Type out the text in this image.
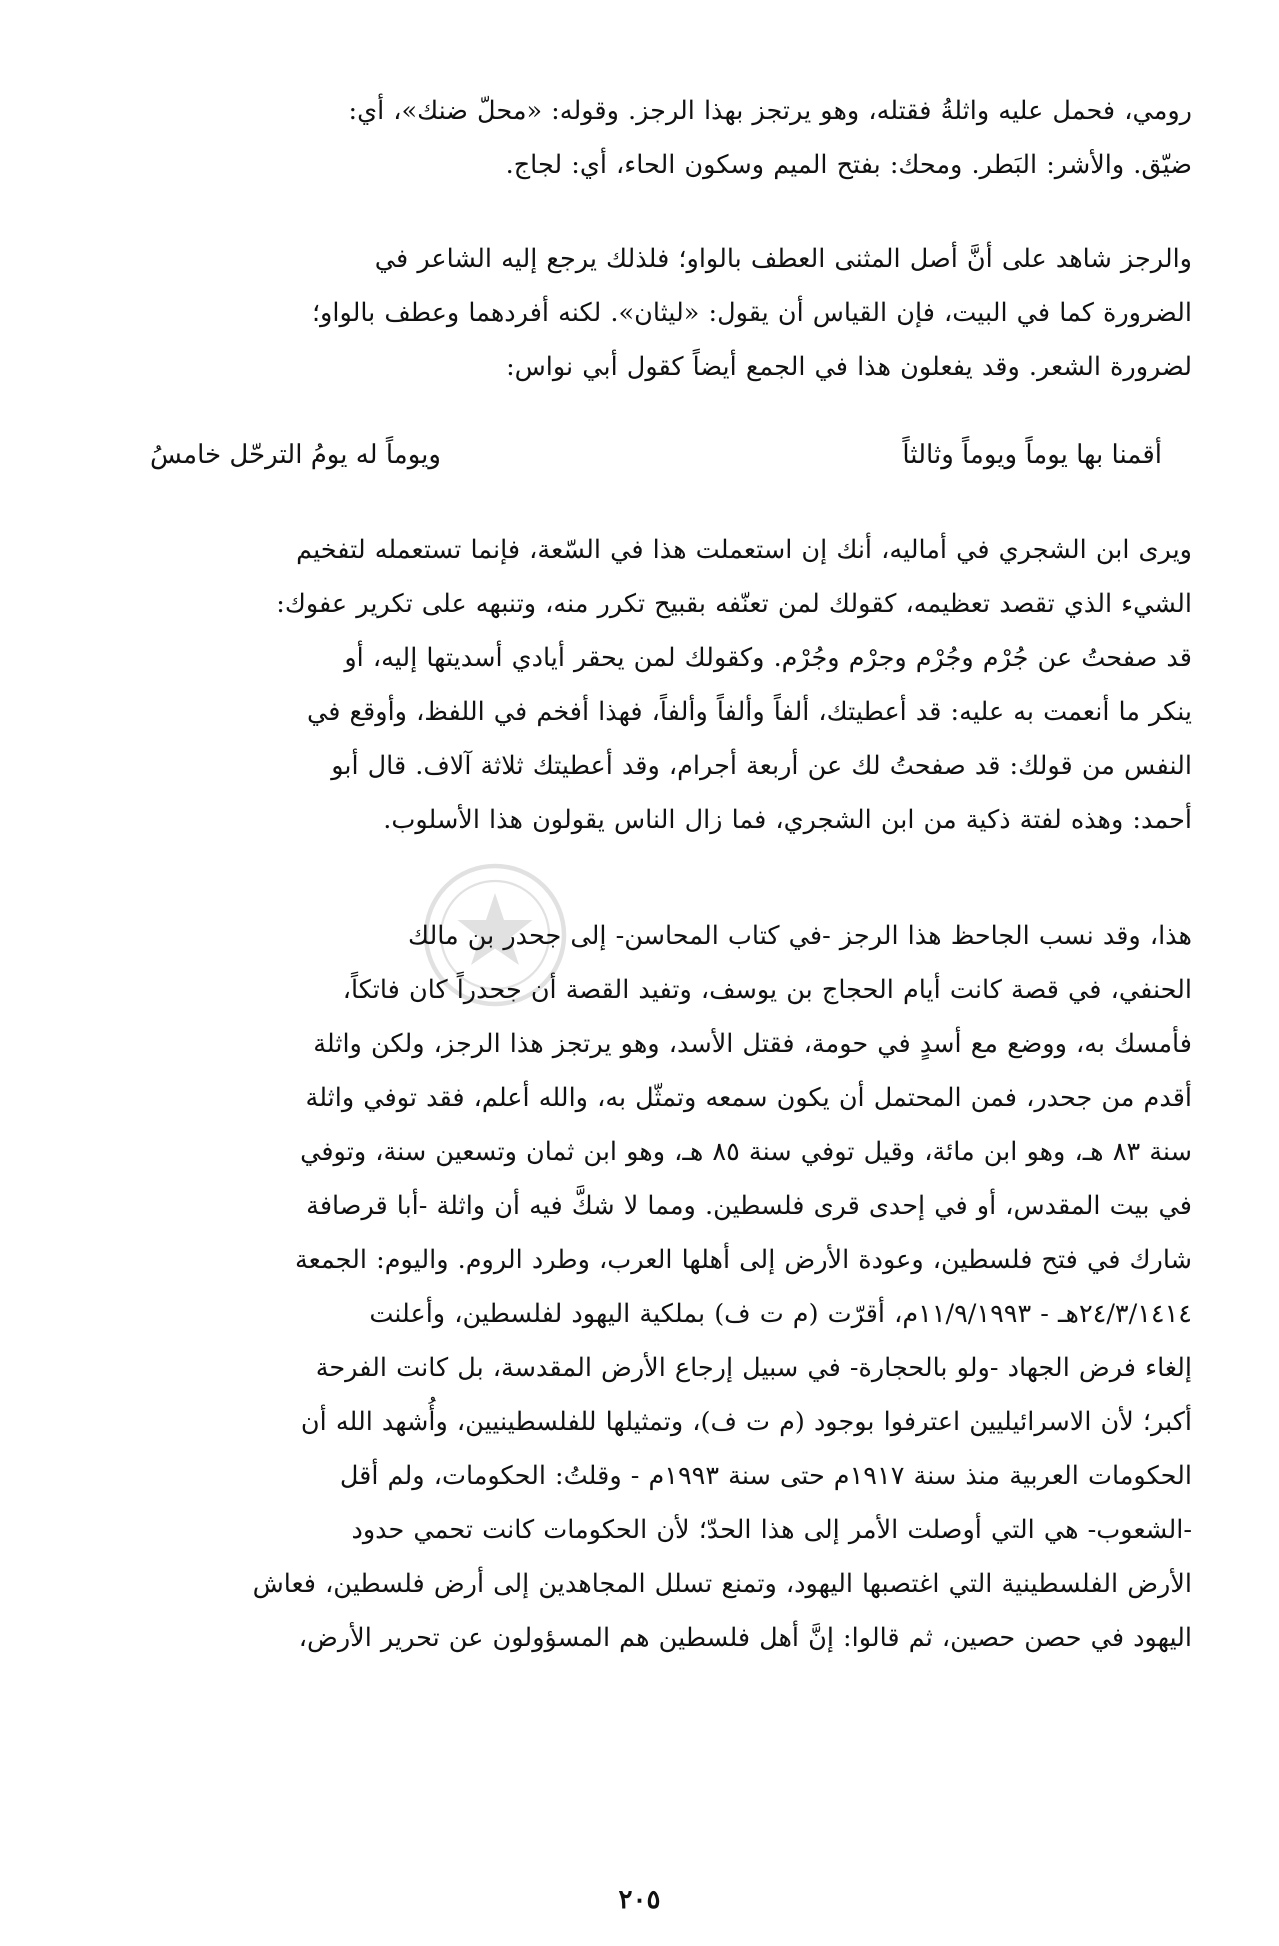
رومي، فحمل عليه واثلةُ فقتله، وهو يرتجز بهذا الرجز. وقوله: «محلّ ضنك»، أي:
ضيّق. والأشر: البَطر. ومحك: بفتح الميم وسكون الحاء، أي: لجاج.
والرجز شاهد على أنَّ أصل المثنى العطف بالواو؛ فلذلك يرجع إليه الشاعر في
الضرورة كما في البيت، فإن القياس أن يقول: «ليثان». لكنه أفردهما وعطف بالواو؛
لضرورة الشعر. وقد يفعلون هذا في الجمع أيضاً كقول أبي نواس:
أقمنا بها يوماً ويوماً وثالثاً
ويوماً له يومُ الترحّل خامسُ
ويرى ابن الشجري في أماليه، أنك إن استعملت هذا في السّعة، فإنما تستعمله لتفخيم
الشيء الذي تقصد تعظيمه، كقولك لمن تعنّفه بقبيح تكرر منه، وتنبهه على تكرير عفوك:
قد صفحتُ عن جُرْم وجُرْم وجرْم وجُرْم. وكقولك لمن يحقر أيادي أسديتها إليه، أو
ينكر ما أنعمت به عليه: قد أعطيتك، ألفاً وألفاً وألفاً، فهذا أفخم في اللفظ، وأوقع في
النفس من قولك: قد صفحتُ لك عن أربعة أجرام، وقد أعطيتك ثلاثة آلاف. قال أبو
أحمد: وهذه لفتة ذكية من ابن الشجري، فما زال الناس يقولون هذا الأسلوب.
هذا، وقد نسب الجاحظ هذا الرجز -في كتاب المحاسن- إلى جحدر بن مالك
الحنفي، في قصة كانت أيام الحجاج بن يوسف، وتفيد القصة أن جحدراً كان فاتكاً،
فأمسك به، ووضع مع أسدٍ في حومة، فقتل الأسد، وهو يرتجز هذا الرجز، ولكن واثلة
أقدم من جحدر، فمن المحتمل أن يكون سمعه وتمثّل به، والله أعلم، فقد توفي واثلة
سنة ٨٣ هـ، وهو ابن مائة، وقيل توفي سنة ٨٥ هـ، وهو ابن ثمان وتسعين سنة، وتوفي
في بيت المقدس، أو في إحدى قرى فلسطين. ومما لا شكَّ فيه أن واثلة -أبا قرصافة
شارك في فتح فلسطين، وعودة الأرض إلى أهلها العرب، وطرد الروم. واليوم: الجمعة
٢٤/٣/١٤١٤هـ - ١١/٩/١٩٩٣م، أقرّت (م ت ف) بملكية اليهود لفلسطين، وأعلنت
إلغاء فرض الجهاد -ولو بالحجارة- في سبيل إرجاع الأرض المقدسة، بل كانت الفرحة
أكبر؛ لأن الاسرائيليين اعترفوا بوجود (م ت ف)، وتمثيلها للفلسطينيين، وأُشهد الله أن
الحكومات العربية منذ سنة ١٩١٧م حتى سنة ١٩٩٣م - وقلتُ: الحكومات، ولم أقل
-الشعوب- هي التي أوصلت الأمر إلى هذا الحدّ؛ لأن الحكومات كانت تحمي حدود
الأرض الفلسطينية التي اغتصبها اليهود، وتمنع تسلل المجاهدين إلى أرض فلسطين، فعاش
اليهود في حصن حصين، ثم قالوا: إنَّ أهل فلسطين هم المسؤولون عن تحرير الأرض،
٢٠٥
